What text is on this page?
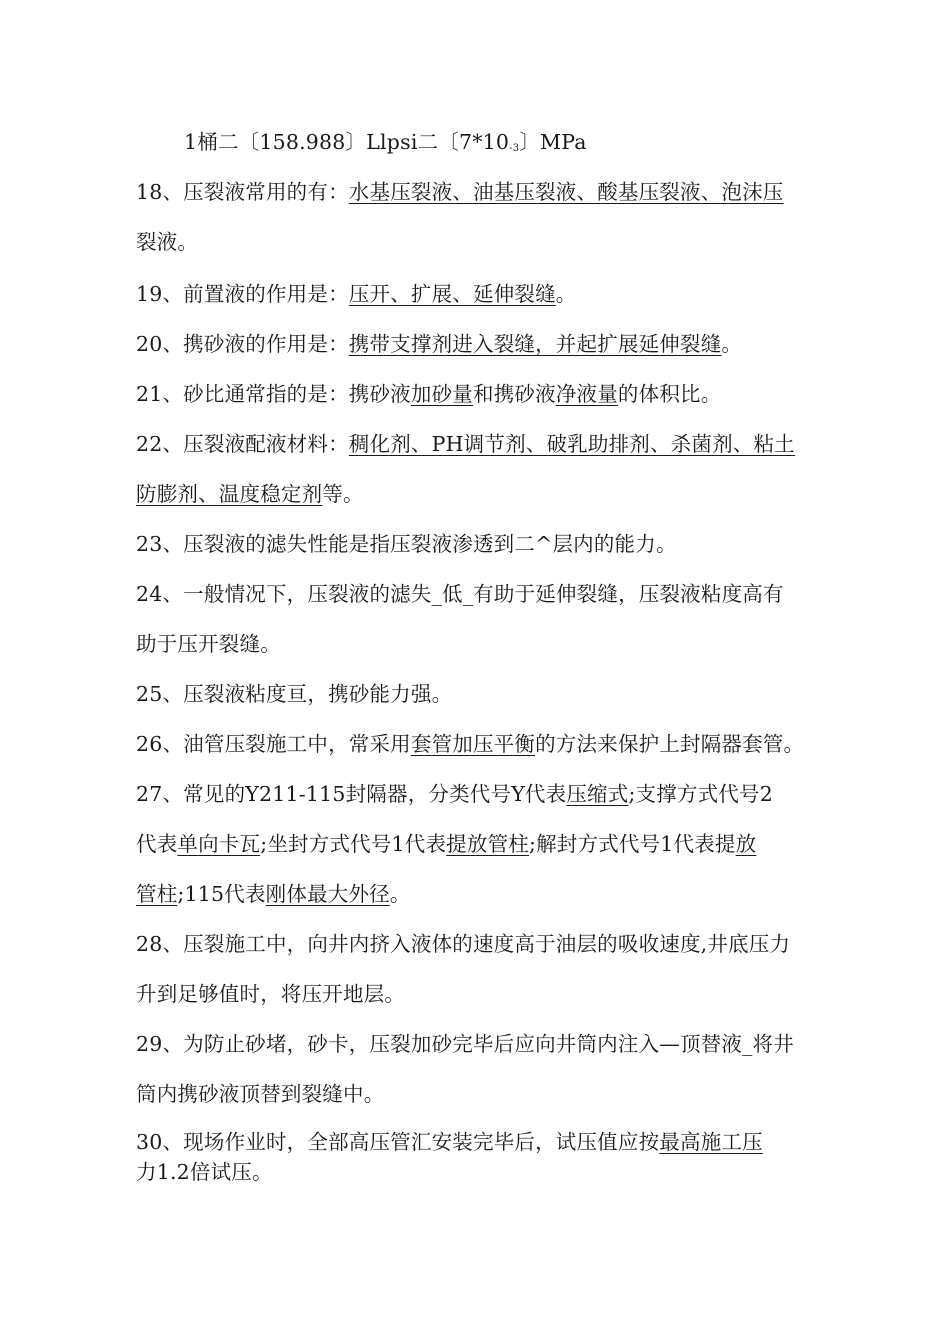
1桶二〔158.988〕Llpsi二〔$7*10_{-3}$〕MPa
18、压裂液常用的有：水基压裂液、油基压裂液、酸基压裂液、泡沫压
裂液。
19、前置液的作用是：压开、扩展、延伸裂缝。
20、携砂液的作用是：携带支撑剂进入裂缝，并起扩展延伸裂缝。
21、砂比通常指的是：携砂液加砂量和携砂液净液量的体积比。
22、压裂液配液材料：稠化剂、PH调节剂、破乳助排剂、杀菌剂、粘土
防膨剂、温度稳定剂等。
23、压裂液的滤失性能是指压裂液渗透到二^层内的能力。
24、一般情况下，压裂液的滤失_低_有助于延伸裂缝，压裂液粘度高有
助于压开裂缝。
25、压裂液粘度亘，携砂能力强。
26、油管压裂施工中，常采用套管加压平衡的方法来保护上封隔器套管。
27、常见的Y211-115封隔器，分类代号Y代表压缩式;支撑方式代号2
代表单向卡瓦;坐封方式代号1代表提放管柱;解封方式代号1代表提放
管柱;115代表刚体最大外径。
28、压裂施工中，向井内挤入液体的速度高于油层的吸收速度,井底压力
升到足够值时，将压开地层。
29、为防止砂堵，砂卡，压裂加砂完毕后应向井筒内注入—顶替液_将井
筒内携砂液顶替到裂缝中。
30、现场作业时，全部高压管汇安装完毕后，试压值应按最高施工压
力1.2倍试压。
